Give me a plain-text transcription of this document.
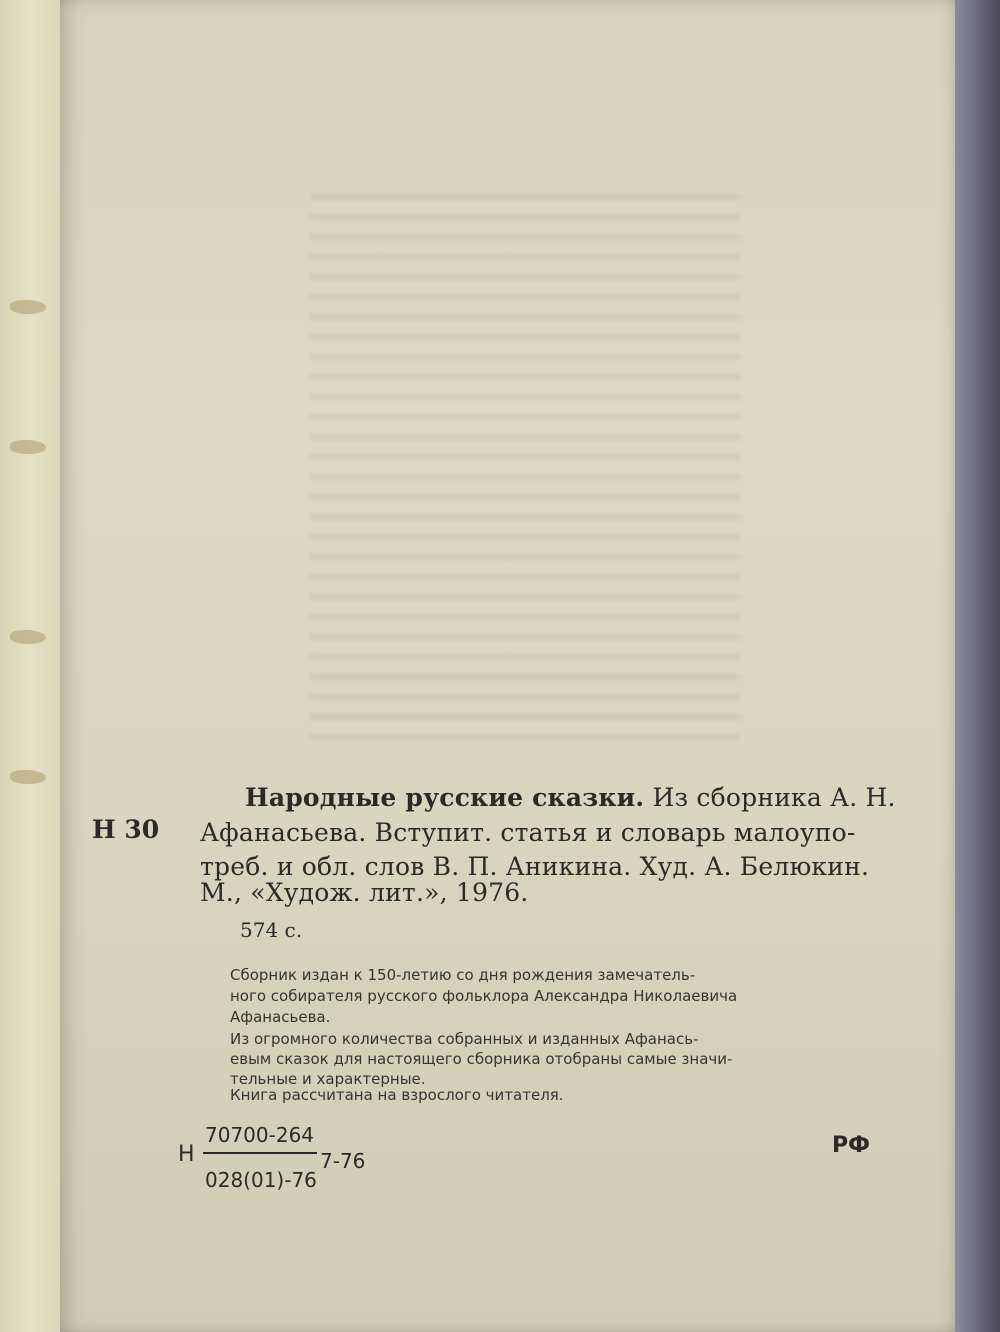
Н 30
Народные русские сказки. Из сборника А. Н.
Афанасьева. Вступит. статья и словарь малоупо-
треб. и обл. слов В. П. Аникина. Худ. А. Белюкин.
М., «Худож. лит.», 1976.
574 с.
Сборник издан к 150-летию со дня рождения замечатель-
ного собирателя русского фольклора Александра Николаевича
Афанасьева.
Из огромного количества собранных и изданных Афанась-
евым сказок для настоящего сборника отобраны самые значи-
тельные и характерные.
Книга рассчитана на взрослого читателя.
Н
70700-264
028(01)-76
7-76
РФ
